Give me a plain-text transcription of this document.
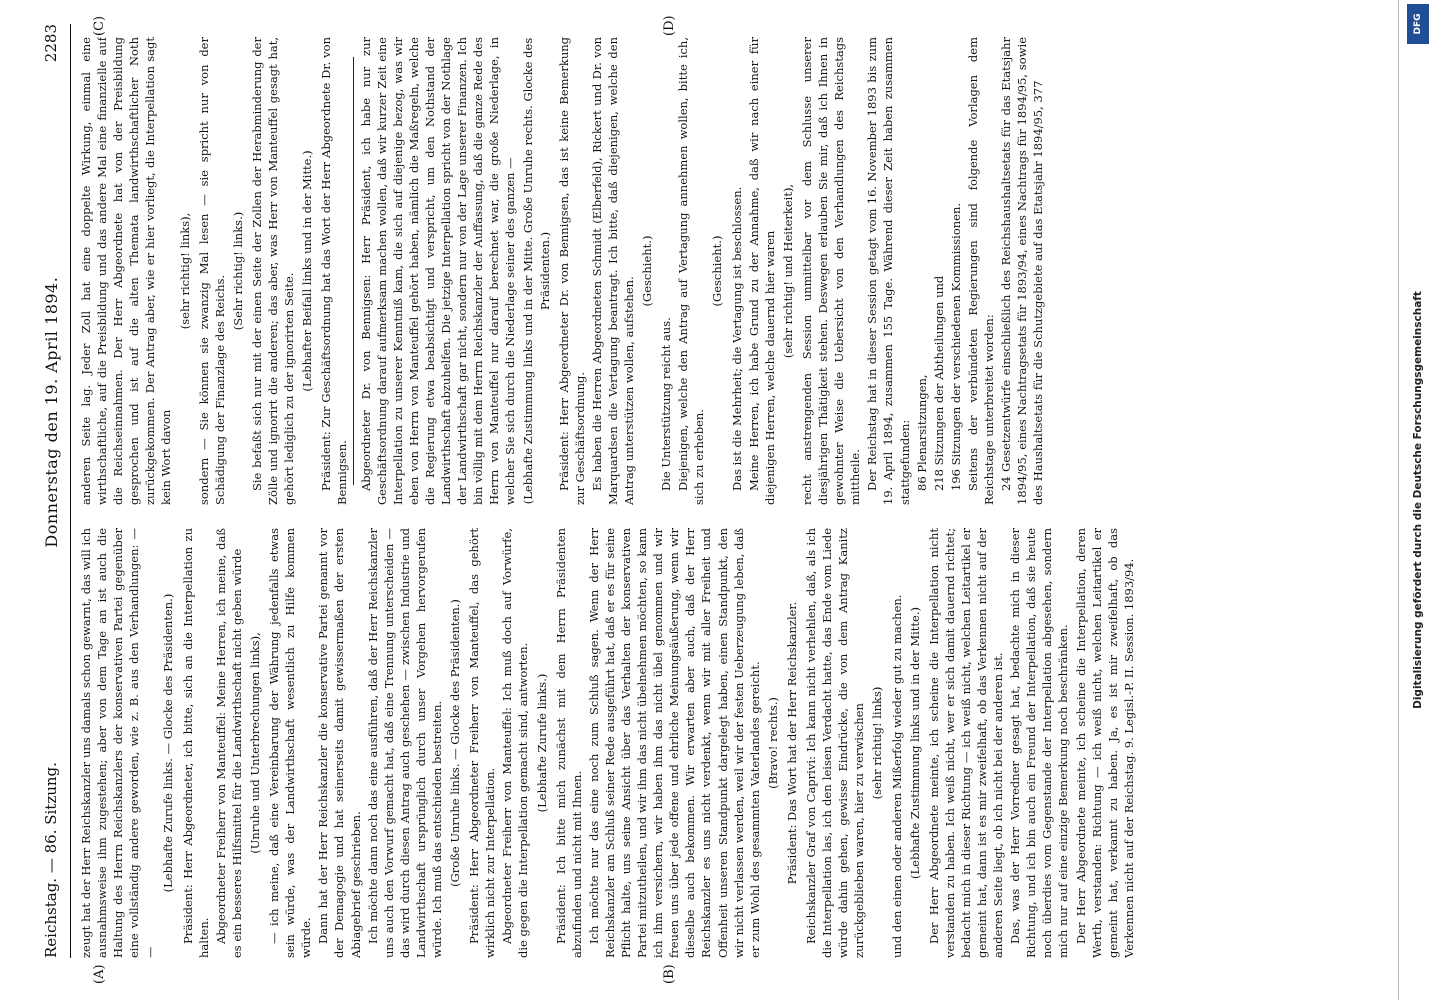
Reichstag. — 86. Sitzung.
Donnerstag den 19. April 1894.
2283
(A)	(B)
(C)	(D)

zeugt hat der Herr Reichskanzler uns damals schon gewarnt, das will ich ausnahmsweise ihm zugestehen; aber von dem Tage an ist auch die Haltung des Herrn Reichskanzlers der konservativen Partei gegenüber eine vollständig andere geworden, wie z. B. aus den Verhandlungen: — —

(Lebhafte Zurufe links. — Glocke des Präsidenten.) Präsident: Herr Abgeordneter, ich bitte, sich an die Interpellation zu halten. Abgeordneter Freiherr von Manteuffel: Meine Herren, ich meine, daß es ein besseres Hilfsmittel für die Landwirthschaft nicht geben würde (Unruhe und Unterbrechungen links), — ich meine, daß eine Vereinbarung der Währung jedenfalls etwas sein würde, was der Landwirthschaft wesentlich zu Hilfe kommen würde. Dann hat der Herr Reichskanzler die konservative Partei genannt vor der Demagogie und hat seinerseits damit gewissermaßen der ersten Abiagebrief geschrieben. Ich möchte dann noch das eine ausführen, daß der Herr Reichskanzler uns auch den Vorwurf gemacht hat, daß eine Trennung unterscheiden — das wird durch diesen Antrag auch geschehen — zwischen Industrie und Landwirthschaft ursprünglich durch unser Vorgehen hervorgerufen würde. Ich muß das entschieden bestreiten. (Große Unruhe links. — Glocke des Präsidenten.) Präsident: Herr Abgeordneter Freiherr von Manteuffel, das gehört wirklich nicht zur Interpellation. Abgeordneter Freiherr von Manteuffel: Ich muß doch auf Vorwürfe, die gegen die Interpellation gemacht sind, antworten. (Lebhafte Zurufe links.) Präsident: Ich bitte mich zunächst mit dem Herrn Präsidenten abzufinden und nicht mit Ihnen. Ich möchte nur das eine noch zum Schluß sagen. Wenn der Herr Reichskanzler am Schluß seiner Rede ausgeführt hat, daß er es für seine Pflicht halte, uns seine Ansicht über das Verhalten der konservativen Partei mitzutheilen, und wir ihm das nicht übelnehmen möchten, so kann ich ihm versichern, wir haben ihm das nicht übel genommen und wir freuen uns über jede offene und ehrliche Meinungsäußerung, wenn wir dieselbe auch bekommen. Wir erwarten aber auch, daß der Herr Reichskanzler es uns nicht verdenkt, wenn wir mit aller Freiheit und Offenheit unseren Standpunkt dargelegt haben, einen Standpunkt, den wir nicht verlassen werden, weil wir der festen Ueberzeugung leben, daß er zum Wohl des gesammten Vaterlandes gereicht. (Bravo! rechts.) Präsident: Das Wort hat der Herr Reichskanzler. Reichskanzler Graf von Caprivi: Ich kann nicht verhehlen, daß, als ich die Interpellation las, ich den leisen Verdacht hatte, das Ende vom Liede würde dahin gehen, gewisse Eindrücke, die von dem Antrag Kanitz zurückgeblieben waren, hier zu verwischen (sehr richtig! links) und den einen oder anderen Mißerfolg wieder gut zu machen. (Lebhafte Zustimmung links und in der Mitte.) Der Herr Abgeordnete meinte, ich scheine die Interpellation nicht verstanden zu haben. Ich weiß nicht, wer er sich damit dauernd richtet; bedacht mich in dieser Richtung — ich weiß nicht, welchen Leitartikel er gemeint hat, dann ist es mir zweifelhaft, ob das Verkennen nicht auf der anderen Seite liegt, ob ich nicht bei der anderen ist. Das, was der Herr Vorredner gesagt hat, bedachte mich in dieser Richtung, und ich bin auch ein Freund der Interpellation, daß sie heute noch überdies vom Gegenstande der Interpellation abgesehen, sondern mich nur auf eine einzige Bemerkung noch beschränken. Der Herr Abgeordnete meinte, ich scheine die Interpellation, deren Werth, verstanden: Richtung — ich weiß nicht, welchen Leitartikel er gemeint hat, verkannt zu haben. Ja, es ist mir zweifelhaft, ob das Verkennen nicht auf der Reichstag. 9. Legisl.-P. II. Session. 1893/94.

anderen Seite lag. Jeder Zoll hat eine doppelte Wirkung, einmal eine wirthschaftliche, auf die Preisbildung und das andere Mal eine finanzielle auf die Reichseinnahmen. Der Herr Abgeordnete hat von der Preisbildung gesprochen und ist auf die alten Themata landwirthschaftlicher Noth zurückgekommen. Der Antrag aber, wie er hier vorliegt, die Interpellation sagt kein Wort davon

(sehr richtig! links), sondern — Sie können sie zwanzig Mal lesen — sie spricht nur von der Schädigung der Finanzlage des Reichs.

(Sehr richtig! links.) Sie befaßt sich nur mit der einen Seite der Zollen der Herabminderung der Zölle und ignorirt die anderen; das aber, was Herr von Manteuffel gesagt hat, gehört lediglich zu der ignorirten Seite. (Lebhafter Beifall links und in der Mitte.) Präsident: Zur Geschäftsordnung hat das Wort der Herr Abgeordnete Dr. von Bennigsen. Abgeordneter Dr. von Bennigsen: Herr Präsident, ich habe nur zur Geschäftsordnung darauf aufmerksam machen wollen, daß wir kurzer Zeit eine Interpellation zu unserer Kenntniß kam, die sich auf diejenige bezog, was wir eben von Herrn von Manteuffel gehört haben, nämlich die Maßregeln, welche die Regierung etwa beabsichtigt und verspricht, um den Nothstand der Landwirthschaft abzuhelfen. Die jetzige Interpellation spricht von der Nothlage der Landwirthschaft gar nicht, sondern nur von der Lage unserer Finanzen. Ich bin völlig mit dem Herrn Reichskanzler der Auffassung, daß die ganze Rede des Herrn von Manteuffel nur darauf berechnet war, die große Niederlage, in welcher Sie sich durch die Niederlage seiner des ganzen — (Lebhafte Zustimmung links und in der Mitte. Große Unruhe rechts. Glocke des Präsidenten.) Präsident: Herr Abgeordneter Dr. von Bennigsen, das ist keine Bemerkung zur Geschäftsordnung. Es haben die Herren Abgeordneten Schmidt (Elberfeld), Rickert und Dr. von Marquardsen die Vertagung beantragt. Ich bitte, daß diejenigen, welche den Antrag unterstützen wollen, aufstehen.

(Geschieht.)

Die Unterstützung reicht aus. Diejenigen, welche den Antrag auf Vertagung annehmen wollen, bitte ich, sich zu erheben.

(Geschieht.) Das ist die Mehrheit; die Vertagung ist beschlossen. Meine Herren, ich habe Grund zu der Annahme, daß wir nach einer für diejenigen Herren, welche dauernd hier waren (sehr richtig! und Heiterkeit), recht anstrengenden Session unmittelbar vor dem Schlusse unserer diesjährigen Thätigkeit stehen. Deswegen erlauben Sie mir, daß ich Ihnen in gewohnter Weise die Uebersicht von den Verhandlungen des Reichstags mittheile. Der Reichstag hat in dieser Session getagt vom 16. November 1893 bis zum 19. April 1894, zusammen 155 Tage. Während dieser Zeit haben zusammen stattgefunden: 86 Plenarsitzungen, 218 Sitzungen der Abtheilungen und 196 Sitzungen der verschiedenen Kommissionen. Seitens der verbündeten Regierungen sind folgende Vorlagen dem Reichstage unterbreitet worden: 24 Gesetzentwürfe einschließlich des Reichshaushaltsetats für das Etatsjahr 1894/95, eines Nachtragsetats für 1893/94, eines Nachtrags für 1894/95, sowie des Haushaltsetats für die Schutzgebiete auf das Etatsjahr 1894/95, 377	Digitalisierung gefördert durch die Deutsche Forschungsgemeinschaft
DFG
